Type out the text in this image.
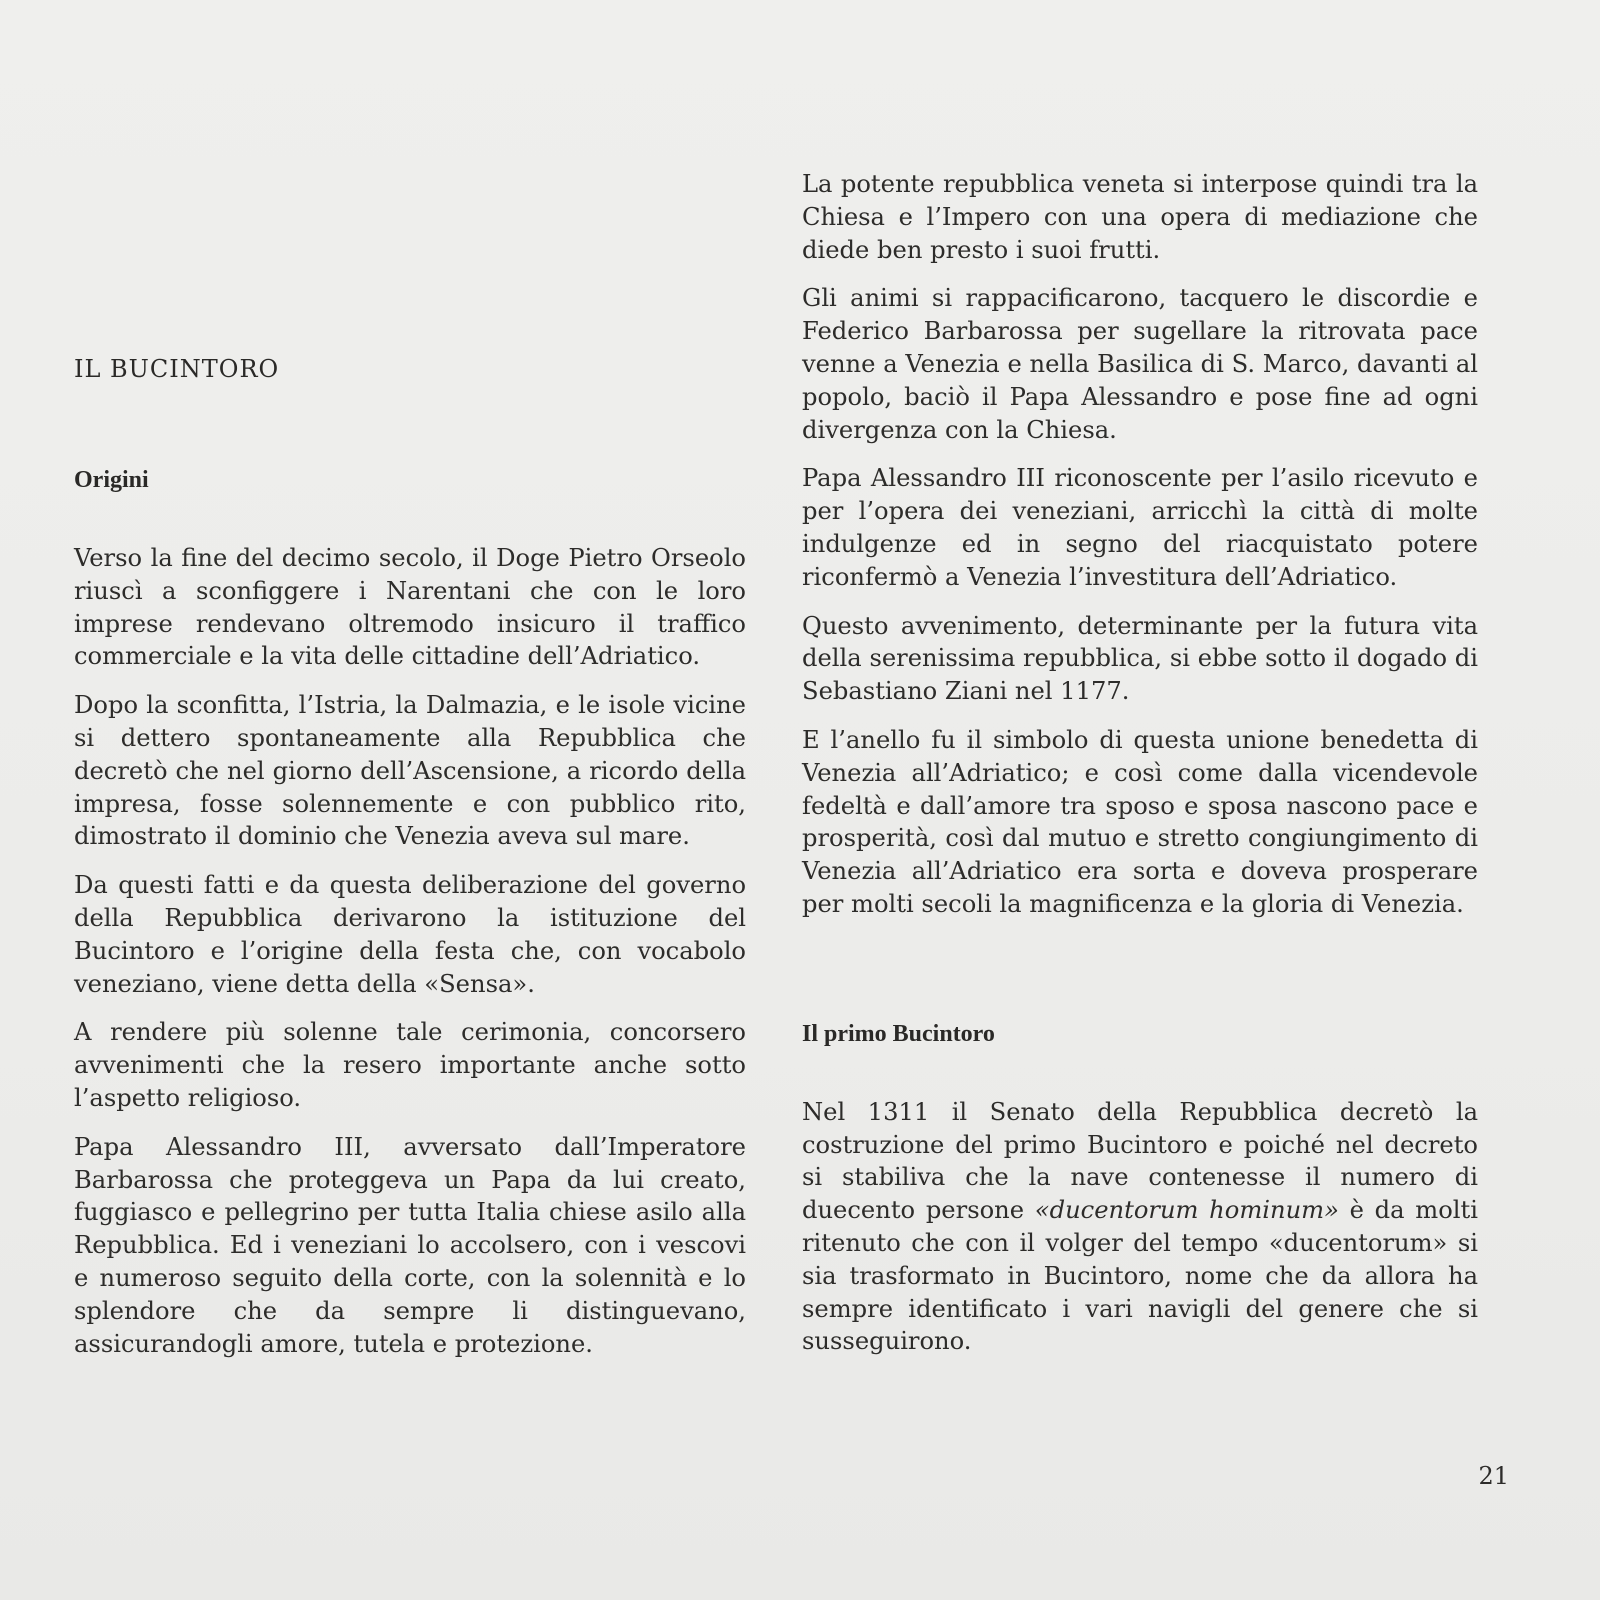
IL BUCINTORO
Origini

Verso la fine del decimo secolo, il Doge Pietro Orseolo riuscì a sconfiggere i Narentani che con le loro imprese rendevano oltremodo insicuro il traffico commerciale e la vita delle cittadine dell’Adriatico.

Dopo la sconfitta, l’Istria, la Dalmazia, e le isole vicine si dettero spontaneamente alla Repubblica che decretò che nel giorno dell’Ascensione, a ricordo della impresa, fosse solennemente e con pubblico rito, dimostrato il dominio che Venezia aveva sul mare.

Da questi fatti e da questa deliberazione del governo della Repubblica derivarono la istituzione del Bucintoro e l’origine della festa che, con vocabolo veneziano, viene detta della «Sensa».

A rendere più solenne tale cerimonia, concorsero avvenimenti che la resero importante anche sotto l’aspetto religioso.

Papa Alessandro III, avversato dall’Imperatore Barbarossa che proteggeva un Papa da lui creato, fuggiasco e pellegrino per tutta Italia chiese asilo alla Repubblica. Ed i veneziani lo accolsero, con i vescovi e numeroso seguito della corte, con la solennità e lo splendore che da sempre li distinguevano, assicurandogli amore, tutela e protezione.

La potente repubblica veneta si interpose quindi tra la Chiesa e l’Impero con una opera di mediazione che diede ben presto i suoi frutti.

Gli animi si rappacificarono, tacquero le discordie e Federico Barbarossa per sugellare la ritrovata pace venne a Venezia e nella Basilica di S. Marco, davanti al popolo, baciò il Papa Alessandro e pose fine ad ogni divergenza con la Chiesa.

Papa Alessandro III riconoscente per l’asilo ricevuto e per l’opera dei veneziani, arricchì la città di molte indulgenze ed in segno del riacquistato potere riconfermò a Venezia l’investitura dell’Adriatico.

Questo avvenimento, determinante per la futura vita della serenissima repubblica, si ebbe sotto il dogado di Sebastiano Ziani nel 1177.

E l’anello fu il simbolo di questa unione benedetta di Venezia all’Adriatico; e così come dalla vicendevole fedeltà e dall’amore tra sposo e sposa nascono pace e prosperità, così dal mutuo e stretto congiungimento di Venezia all’Adriatico era sorta e doveva prosperare per molti secoli la magnificenza e la gloria di Venezia.

Il primo Bucintoro

Nel 1311 il Senato della Repubblica decretò la costruzione del primo Bucintoro e poiché nel decreto si stabiliva che la nave contenesse il numero di duecento persone «ducentorum hominum» è da molti ritenuto che con il volger del tempo «ducentorum» si sia trasformato in Bucintoro, nome che da allora ha sempre identificato i vari navigli del genere che si susseguirono.

21
